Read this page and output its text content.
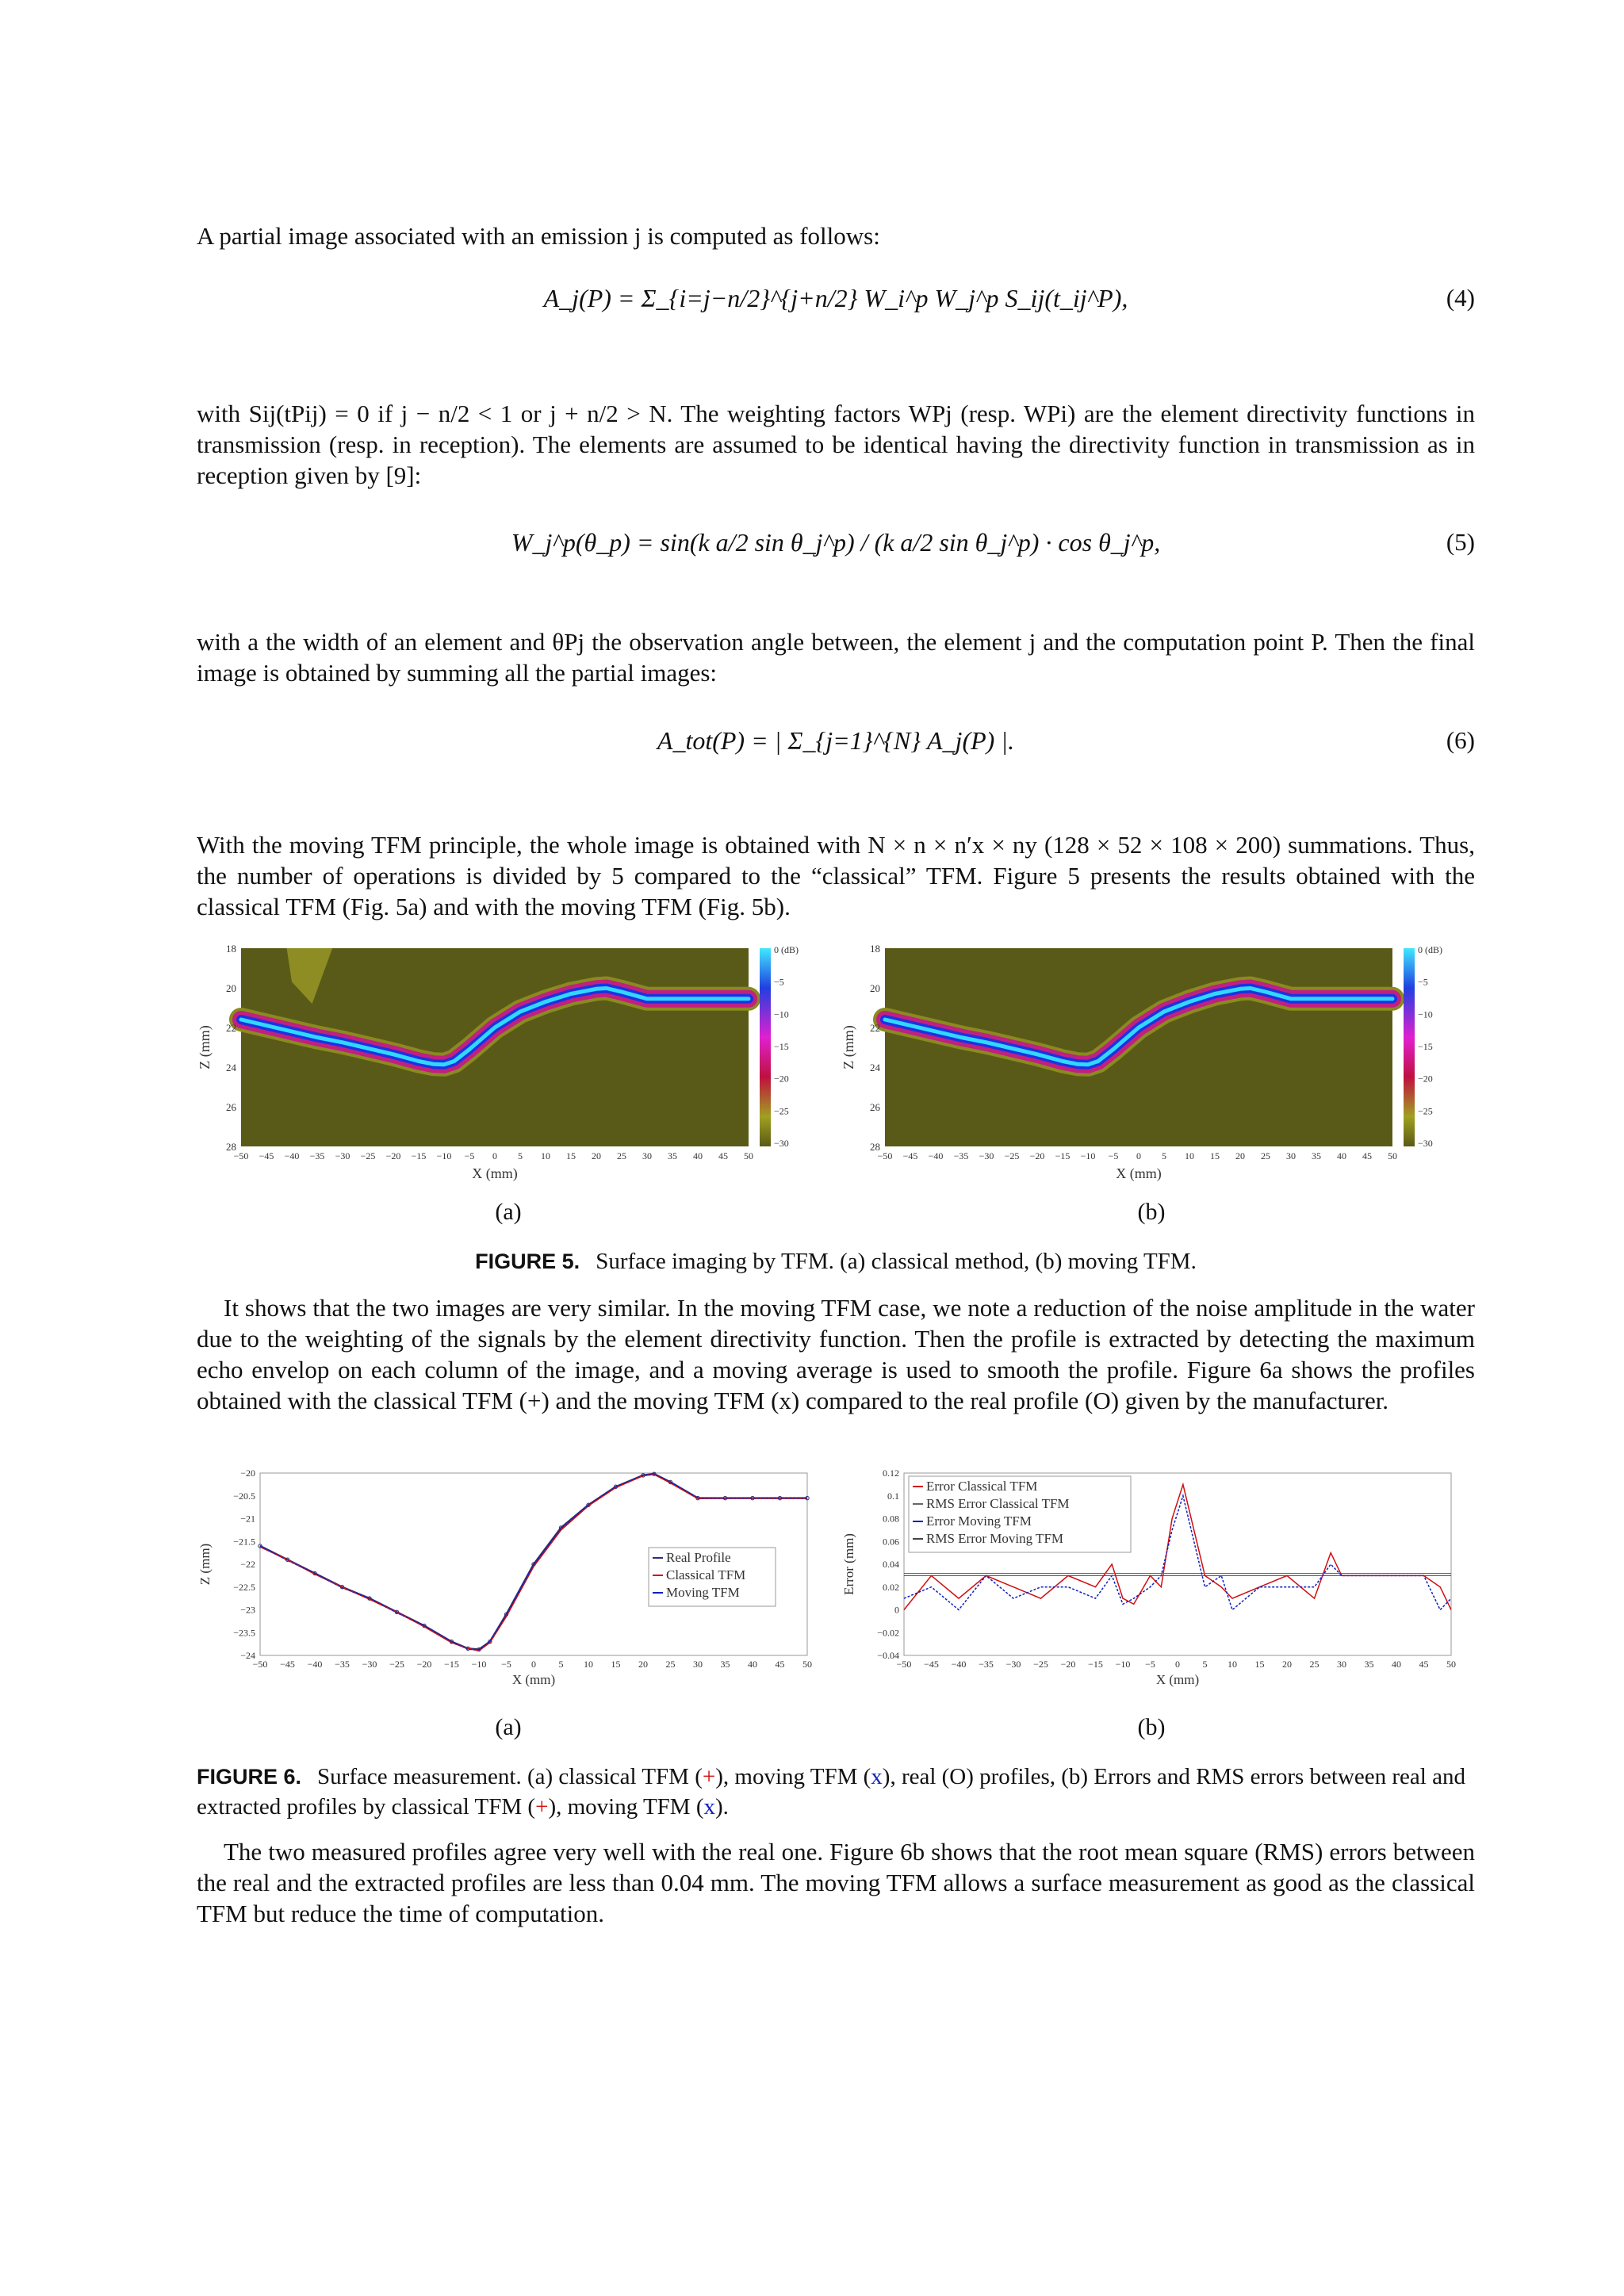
A partial image associated with an emission j is computed as follows:

A_j(P) = Σ_{i=j−n/2}^{j+n/2} W_i^p W_j^p S_ij(t_ij^P),	(4)

with Sij(tPij) = 0 if j − n/2 < 1 or j + n/2 > N. The weighting factors WPj (resp. WPi) are the element directivity functions in transmission (resp. in reception). The elements are assumed to be identical having the directivity function in transmission as in reception given by [9]:

W_j^p(θ_p) = sin(k a/2 sin θ_j^p) / (k a/2 sin θ_j^p) · cos θ_j^p,	(5)

with a the width of an element and θPj the observation angle between, the element j and the computation point P. Then the final image is obtained by summing all the partial images:

A_tot(P) = | Σ_{j=1}^{N} A_j(P) |.	(6)

With the moving TFM principle, the whole image is obtained with N × n × n′x × ny (128 × 52 × 108 × 200) summations. Thus, the number of operations is divided by 5 compared to the “classical” TFM. Figure 5 presents the results obtained with the classical TFM (Fig. 5a) and with the moving TFM (Fig. 5b).

18
20
22
24
26
28
−50 −45 −40 −35 −30 −25 −20 −15 −10 −5 0 5 10 15 20 25 30 35 40 45 50
X (mm)
Z (mm)
0 (dB)
−5
−10
−15
−20
−25
−30
18
20
22
24
26
28
−50 −45 −40 −35 −30 −25 −20 −15 −10 −5 0 5 10 15 20 25 30 35 40 45 50
X (mm)
Z (mm)
0 (dB)
−5
−10
−15
−20
−25
−30
(a)	(b)
FIGURE 5. Surface imaging by TFM. (a) classical method, (b) moving TFM.

It shows that the two images are very similar. In the moving TFM case, we note a reduction of the noise amplitude in the water due to the weighting of the signals by the element directivity function. Then the profile is extracted by detecting the maximum echo envelop on each column of the image, and a moving average is used to smooth the profile. Figure 6a shows the profiles obtained with the classical TFM (+) and the moving TFM (x) compared to the real profile (O) given by the manufacturer.

−20
−20.5
−21
−21.5
−22
−22.5
−23
−23.5
−24
−50 −45 −40 −35 −30 −25 −20 −15 −10 −5 0 5 10 15 20 25 30 35 40 45 50
X (mm)
Z (mm)	Real Profile
Classical TFM
Moving TFM
0.12
0.1
0.08
0.06
0.04
0.02
0
−0.02
−0.04
−50 −45 −40 −35 −30 −25 −20 −15 −10 −5 0 5 10 15 20 25 30 35 40 45 50
X (mm)
Error (mm)
Error Classical TFM
RMS Error Classical TFM
Error Moving TFM
RMS Error Moving TFM
(a)	(b)
FIGURE 6. Surface measurement. (a) classical TFM (+), moving TFM (x), real (O) profiles, (b) Errors and RMS errors between real and extracted profiles by classical TFM (+), moving TFM (x).

The two measured profiles agree very well with the real one. Figure 6b shows that the root mean square (RMS) errors between the real and the extracted profiles are less than 0.04 mm. The moving TFM allows a surface measurement as good as the classical TFM but reduce the time of computation.
